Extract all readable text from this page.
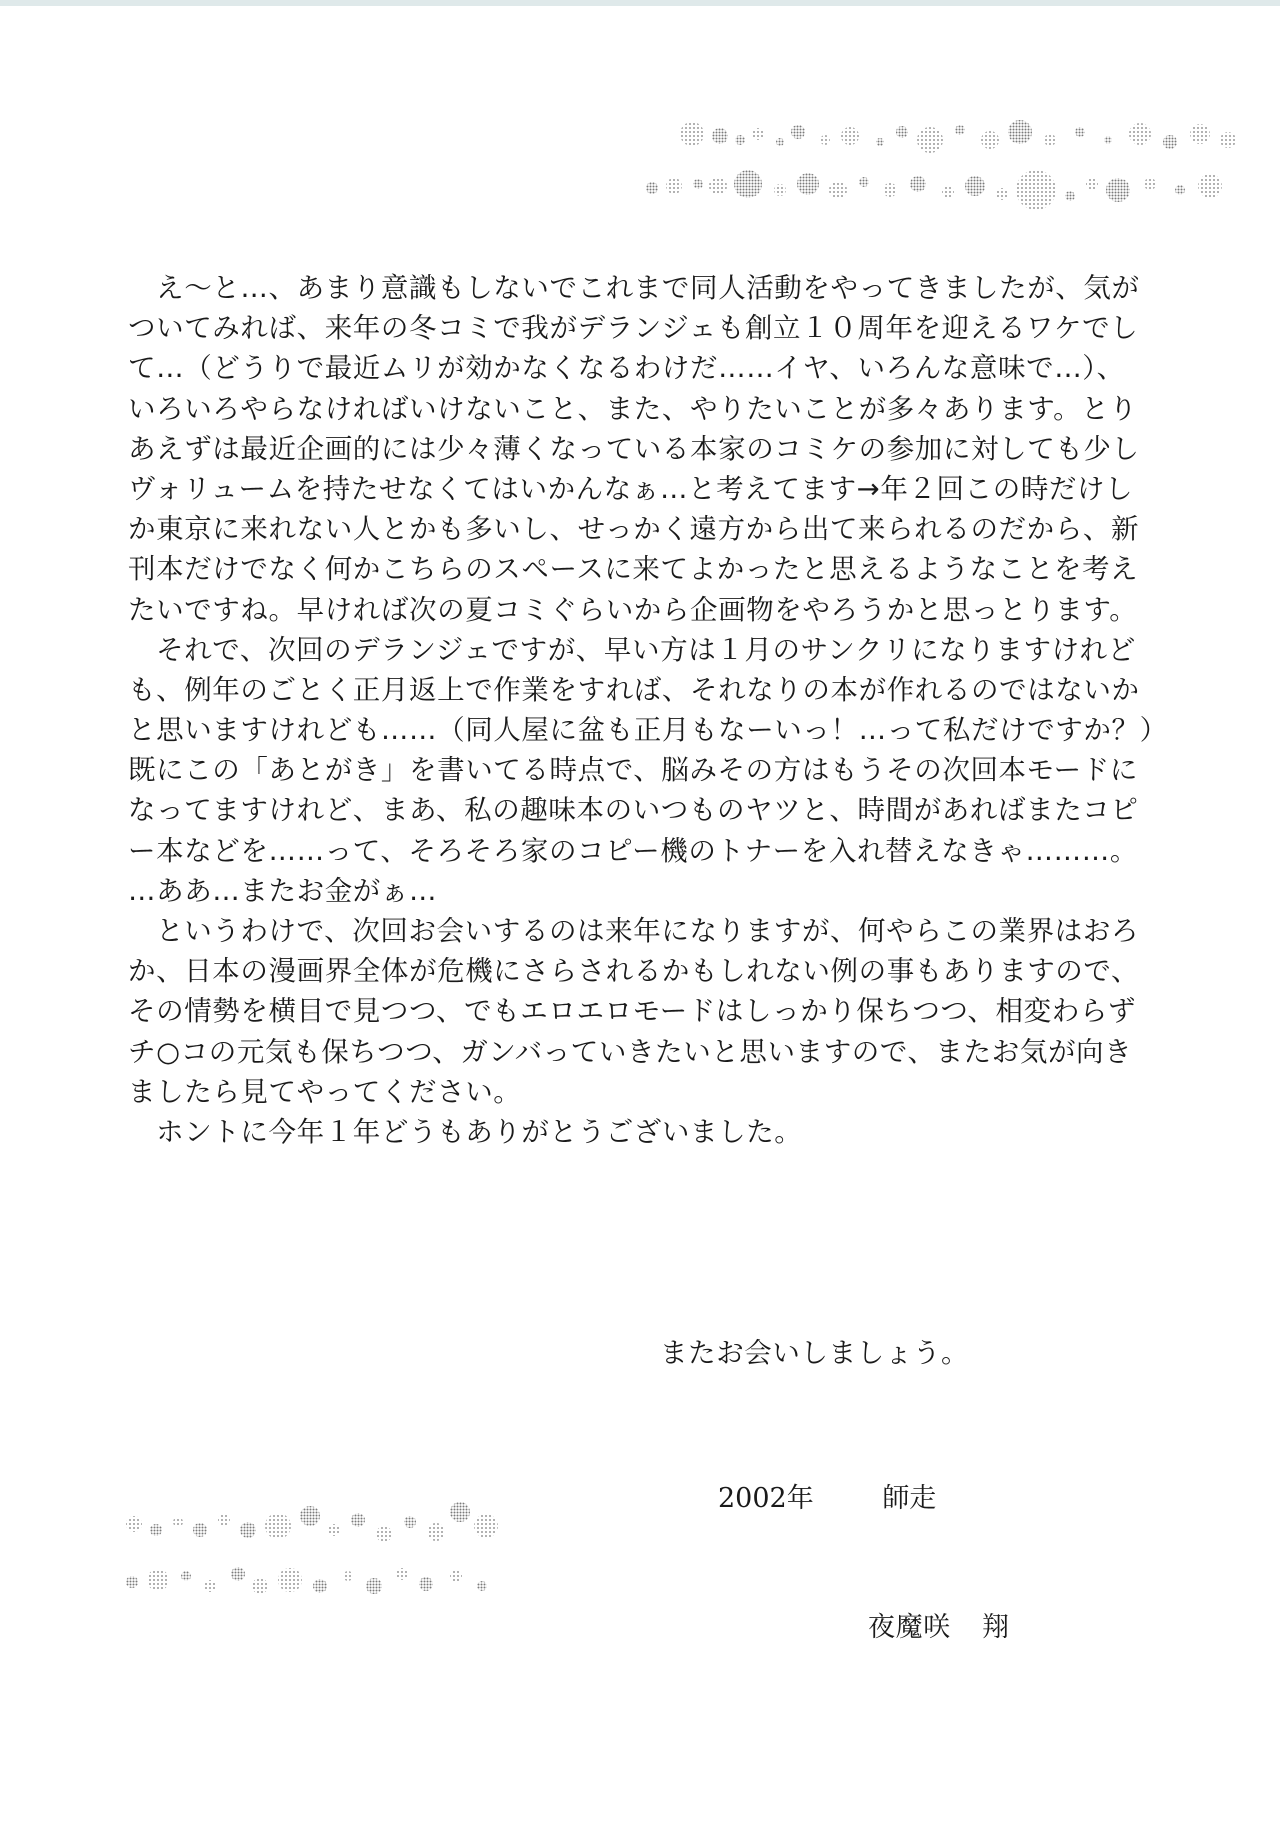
　え〜と…、あまり意識もしないでこれまで同人活動をやってきましたが、気が
ついてみれば、来年の冬コミで我がデランジェも創立１０周年を迎えるワケでし
て…（どうりで最近ムリが効かなくなるわけだ……イヤ、いろんな意味で…）、
いろいろやらなければいけないこと、また、やりたいことが多々あります。とり
あえずは最近企画的には少々薄くなっている本家のコミケの参加に対しても少し
ヴォリュームを持たせなくてはいかんなぁ…と考えてます→年２回この時だけし
か東京に来れない人とかも多いし、せっかく遠方から出て来られるのだから、新
刊本だけでなく何かこちらのスペースに来てよかったと思えるようなことを考え
たいですね。早ければ次の夏コミぐらいから企画物をやろうかと思っとります。
　それで、次回のデランジェですが、早い方は１月のサンクリになりますけれど
も、例年のごとく正月返上で作業をすれば、それなりの本が作れるのではないか
と思いますけれども……（同人屋に盆も正月もなーいっ！…って私だけですか？）
既にこの「あとがき」を書いてる時点で、脳みその方はもうその次回本モードに
なってますけれど、まあ、私の趣味本のいつものヤツと、時間があればまたコピ
ー本などを……って、そろそろ家のコピー機のトナーを入れ替えなきゃ………。
…ああ…またお金がぁ…
　というわけで、次回お会いするのは来年になりますが、何やらこの業界はおろ
か、日本の漫画界全体が危機にさらされるかもしれない例の事もありますので、
その情勢を横目で見つつ、でもエロエロモードはしっかり保ちつつ、相変わらず
チ○コの元気も保ちつつ、ガンバっていきたいと思いますので、またお気が向き
ましたら見てやってください。
　ホントに今年１年どうもありがとうございました。
またお会いしましょう。
2002年	師走
夜魔咲 翔
